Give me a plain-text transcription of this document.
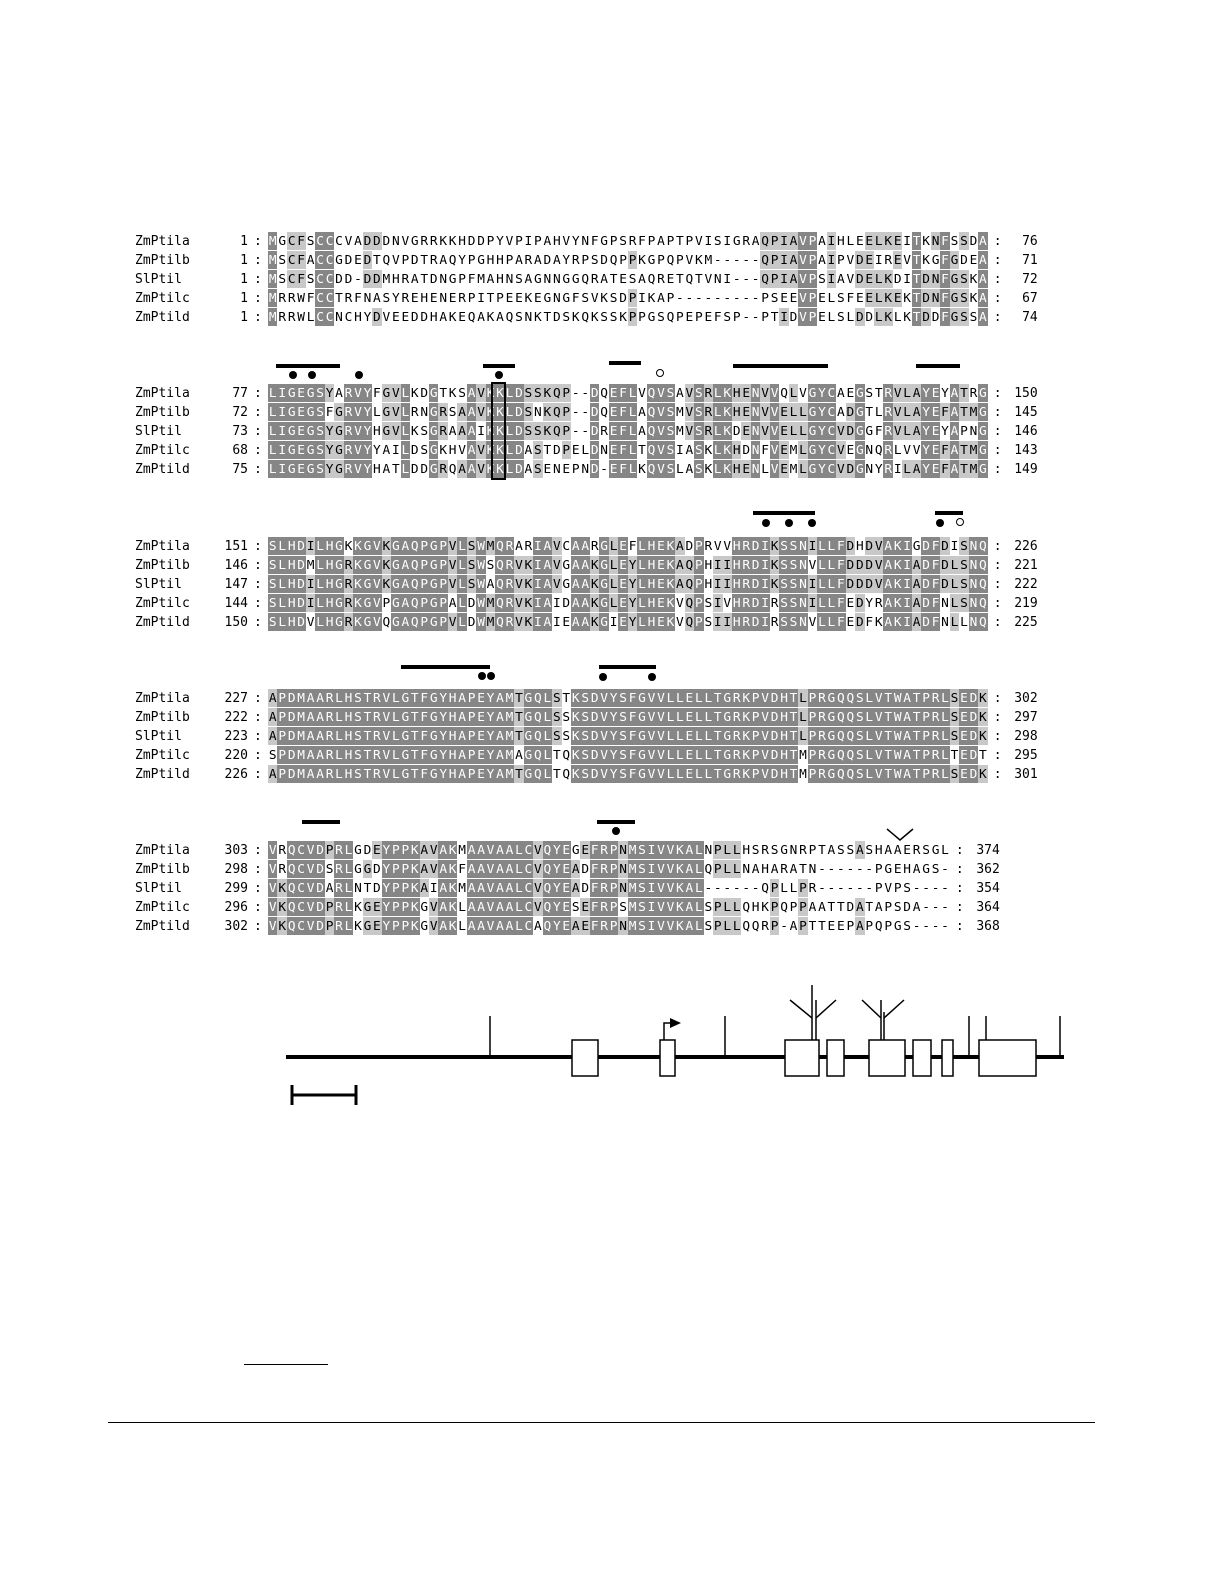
ZmPtila	1 : M G C F S C C C V A D D D N V G R R K K H D D P Y V P I P A H V Y N F G P S R F P A P T P V I S I G R A Q P I A V P A I H L E E L K E I T K N F S S D A :	76
ZmPtilb	1 : M S C F A C C G D E D T Q V P D T R A Q Y P G H H P A R A D A Y R P S D Q P P K G P Q P V K M - - - - - Q P I A V P A I P V D E I R E V T K G F G D E A :	71
SlPtil	1 : M S C F S C C D D - D D M H R A T D N G P F M A H N S A G N N G G Q R A T E S A Q R E T Q T V N I - - - Q P I A V P S I A V D E L K D I T D N F G S K A :	72
ZmPtilc	1 : M R R W F C C T R F N A S Y R E H E N E R P I T P E E K E G N G F S V K S D P I K A P - - - - - - - - - P S E E V P E L S F E E L K E K T D N F G S K A :	67
ZmPtild	1 : M R R W L C C N C H Y D V E E D D H A K E Q A K A Q S N K T D S K Q K S S K P P G S Q P E P E F S P - - P T I D V P E L S L D D L K L K T D D F G S S A :	74
ZmPtila	77 : L I G E G S Y A R V Y F G V L K D G T K S A V K K L D S S K Q P - - D Q E F L V Q V S A V S R L K H E N V V Q L V G Y C A E G S T R V L A Y E Y A T R G : 150
ZmPtilb	72 : L I G E G S F G R V Y L G V L R N G R S A A V K K L D S N K Q P - - D Q E F L A Q V S M V S R L K H E N V V E L L G Y C A D G T L R V L A Y E F A T M G : 145
SlPtil	73 : L I G E G S Y G R V Y H G V L K S G R A A A I K K L D S S K Q P - - D R E F L A Q V S M V S R L K D E N V V E L L G Y C V D G G F R V L A Y E Y A P N G : 146
ZmPtilc	68 : L I G E G S Y G R V Y Y A I L D S G K H V A V K K L D A S T D P E L D N E F L T Q V S I A S K L K H D N F V E M L G Y C V E G N Q R L V V Y E F A T M G : 143
ZmPtild	75 : L I G E G S Y G R V Y H A T L D D G R Q A A V K K L D A S E N E P N D - E F L K Q V S L A S K L K H E N L V E M L G Y C V D G N Y R I L A Y E F A T M G : 149
ZmPtila	151 : S L H D I L H G K K G V K G A Q P G P V L S W M Q R A R I A V C A A R G L E F L H E K A D P R V V H R D I K S S N I L L F D H D V A K I G D F D I S N Q : 226
ZmPtilb	146 : S L H D M L H G R K G V K G A Q P G P V L S W S Q R V K I A V G A A K G L E Y L H E K A Q P H I I H R D I K S S N V L L F D D D V A K I A D F D L S N Q : 221
SlPtil	147 : S L H D I L H G R K G V K G A Q P G P V L S W A Q R V K I A V G A A K G L E Y L H E K A Q P H I I H R D I K S S N I L L F D D D V A K I A D F D L S N Q : 222
ZmPtilc	144 : S L H D I L H G R K G V P G A Q P G P A L D W M Q R V K I A I D A A K G L E Y L H E K V Q P S I V H R D I R S S N I L L F E D Y R A K I A D F N L S N Q : 219
ZmPtild	150 : S L H D V L H G R K G V Q G A Q P G P V L D W M Q R V K I A I E A A K G I E Y L H E K V Q P S I I H R D I R S S N V L L F E D F K A K I A D F N L L N Q : 225
ZmPtila	227 : A P D M A A R L H S T R V L G T F G Y H A P E Y A M T G Q L S T K S D V Y S F G V V L L E L L T G R K P V D H T L P R G Q Q S L V T W A T P R L S E D K : 302
ZmPtilb	222 : A P D M A A R L H S T R V L G T F G Y H A P E Y A M T G Q L S S K S D V Y S F G V V L L E L L T G R K P V D H T L P R G Q Q S L V T W A T P R L S E D K : 297
SlPtil	223 : A P D M A A R L H S T R V L G T F G Y H A P E Y A M T G Q L S S K S D V Y S F G V V L L E L L T G R K P V D H T L P R G Q Q S L V T W A T P R L S E D K : 298
ZmPtilc	220 : S P D M A A R L H S T R V L G T F G Y H A P E Y A M A G Q L T Q K S D V Y S F G V V L L E L L T G R K P V D H T M P R G Q Q S L V T W A T P R L T E D T : 295
ZmPtild	226 : A P D M A A R L H S T R V L G T F G Y H A P E Y A M T G Q L T Q K S D V Y S F G V V L L E L L T G R K P V D H T M P R G Q Q S L V T W A T P R L S E D K : 301
ZmPtila	303 : V R Q C V D P R L G D E Y P P K A V A K M A A V A A L C V Q Y E G E F R P N M S I V V K A L N P L L H S R S G N R P T A S S A S H A A E R S G L : 374
ZmPtilb	298 : V R Q C V D S R L G G D Y P P K A V A K F A A V A A L C V Q Y E A D F R P N M S I V V K A L Q P L L N A H A R A T N - - - - - - P G E H A G S - : 362
SlPtil	299 : V K Q C V D A R L N T D Y P P K A I A K M A A V A A L C V Q Y E A D F R P N M S I V V K A L - - - - - - Q P L L P R - - - - - - P V P S - - - - : 354
ZmPtilc	296 : V K Q C V D P R L K G E Y P P K G V A K L A A V A A L C V Q Y E S E F R P S M S I V V K A L S P L L Q H K P Q P P A A T T D A T A P S D A - - - : 364
ZmPtild	302 : V K Q C V D P R L K G E Y P P K G V A K L A A V A A L C A Q Y E A E F R P N M S I V V K A L S P L L Q Q R P - A P T T E E P A P Q P G S - - - - : 368
